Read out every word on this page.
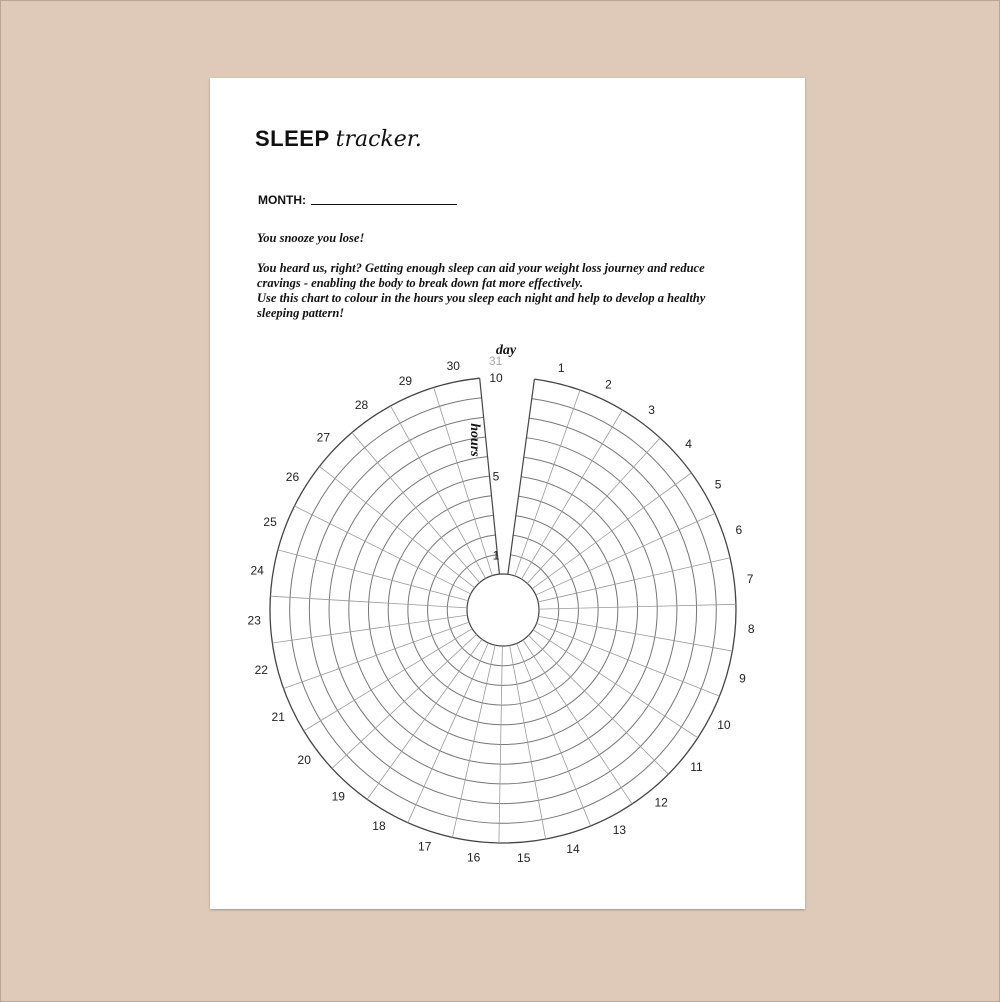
SLEEP tracker.
MONTH:
You snooze you lose!

You heard us, right? Getting enough sleep can aid your weight loss journey and reduce

cravings - enabling the body to break down fat more effectively.

Use this chart to colour in the hours you sleep each night and help to develop a healthy

sleeping pattern!

1
2
3
4
5
6
7
8
9
10
11
12
13
14
15
16
17
18
19
20
21
22
23
24
25
26
27
28
29
30 31
1
5
10
day
hours
